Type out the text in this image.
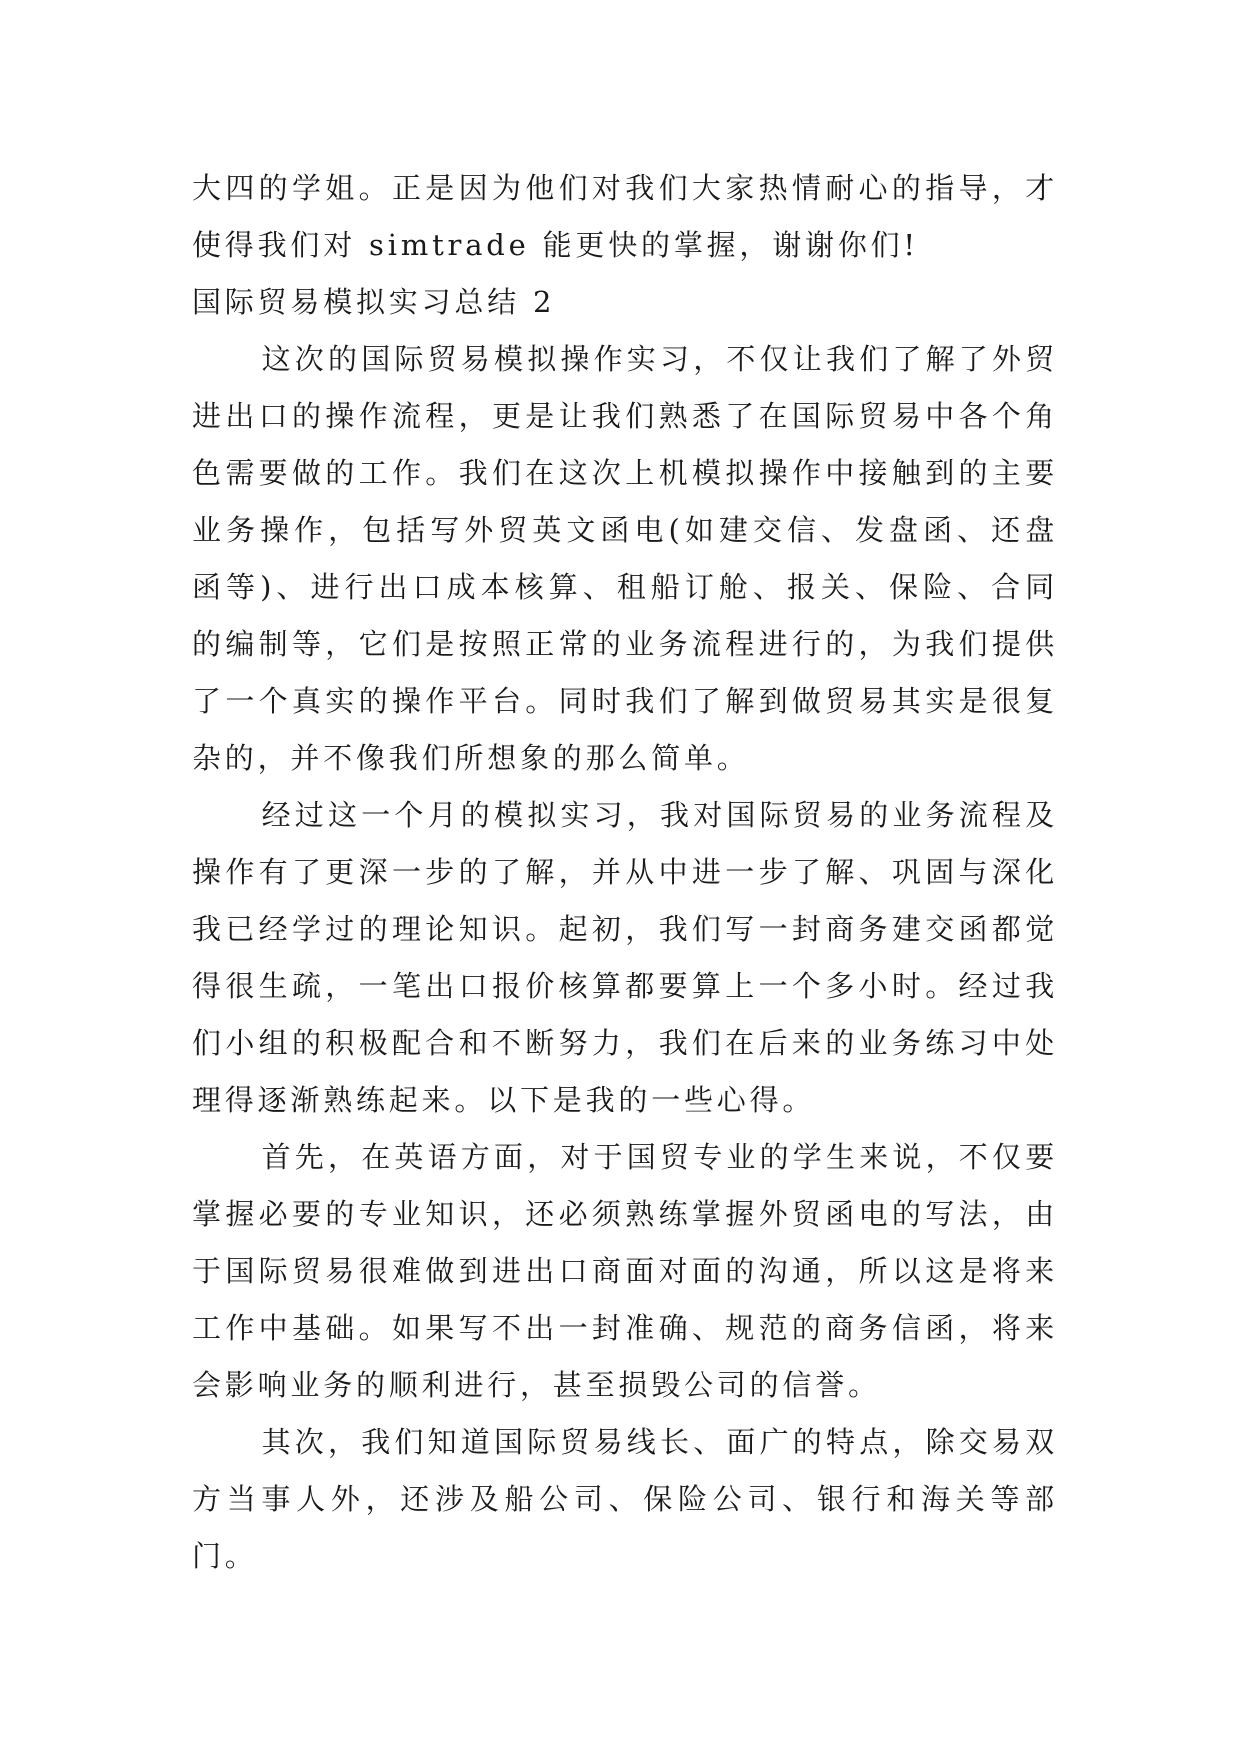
大四的学姐。正是因为他们对我们大家热情耐心的指导，才使得我们对 simtrade 能更快的掌握，谢谢你们!

国际贸易模拟实习总结 2

这次的国际贸易模拟操作实习，不仅让我们了解了外贸进出口的操作流程，更是让我们熟悉了在国际贸易中各个角色需要做的工作。我们在这次上机模拟操作中接触到的主要业务操作，包括写外贸英文函电(如建交信、发盘函、还盘函等)、进行出口成本核算、租船订舱、报关、保险、合同的编制等，它们是按照正常的业务流程进行的，为我们提供了一个真实的操作平台。同时我们了解到做贸易其实是很复杂的，并不像我们所想象的那么简单。

经过这一个月的模拟实习，我对国际贸易的业务流程及操作有了更深一步的了解，并从中进一步了解、巩固与深化我已经学过的理论知识。起初，我们写一封商务建交函都觉得很生疏，一笔出口报价核算都要算上一个多小时。经过我们小组的积极配合和不断努力，我们在后来的业务练习中处理得逐渐熟练起来。以下是我的一些心得。

首先，在英语方面，对于国贸专业的学生来说，不仅要掌握必要的专业知识，还必须熟练掌握外贸函电的写法，由于国际贸易很难做到进出口商面对面的沟通，所以这是将来工作中基础。如果写不出一封准确、规范的商务信函，将来会影响业务的顺利进行，甚至损毁公司的信誉。

其次，我们知道国际贸易线长、面广的特点，除交易双方当事人外，还涉及船公司、保险公司、银行和海关等部门。
